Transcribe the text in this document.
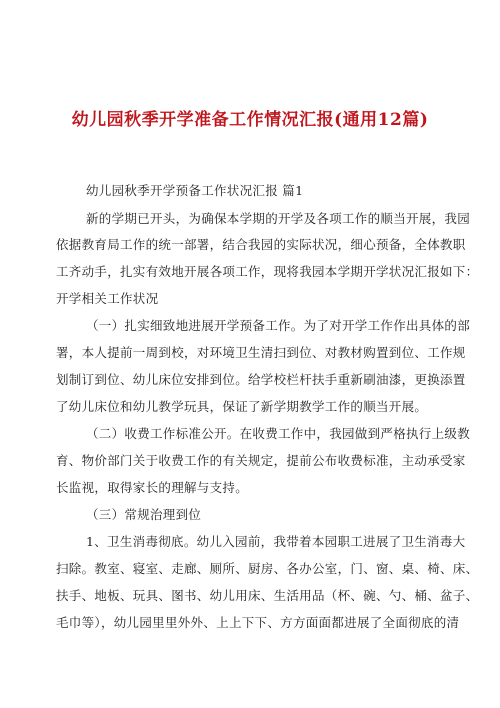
幼儿园秋季开学准备工作情况汇报(通用12篇)
幼儿园秋季开学预备工作状况汇报 篇1
新的学期已开头，为确保本学期的开学及各项工作的顺当开展，我园
依据教育局工作的统一部署，结合我园的实际状况，细心预备，全体教职
工齐动手，扎实有效地开展各项工作，现将我园本学期开学状况汇报如下：
开学相关工作状况
（一）扎实细致地进展开学预备工作。为了对开学工作作出具体的部
署，本人提前一周到校，对环境卫生清扫到位、对教材购置到位、工作规
划制订到位、幼儿床位安排到位。给学校栏杆扶手重新刷油漆，更换添置
了幼儿床位和幼儿教学玩具，保证了新学期教学工作的顺当开展。
（二）收费工作标准公开。在收费工作中，我园做到严格执行上级教
育、物价部门关于收费工作的有关规定，提前公布收费标准，主动承受家
长监视，取得家长的理解与支持。
（三）常规治理到位
1、卫生消毒彻底。幼儿入园前，我带着本园职工进展了卫生消毒大
扫除。教室、寝室、走廊、厕所、厨房、各办公室，门、窗、桌、椅、床、
扶手、地板、玩具、图书、幼儿用床、生活用品（杯、碗、勺、桶、盆子、
毛巾等），幼儿园里里外外、上上下下、方方面面都进展了全面彻底的清
